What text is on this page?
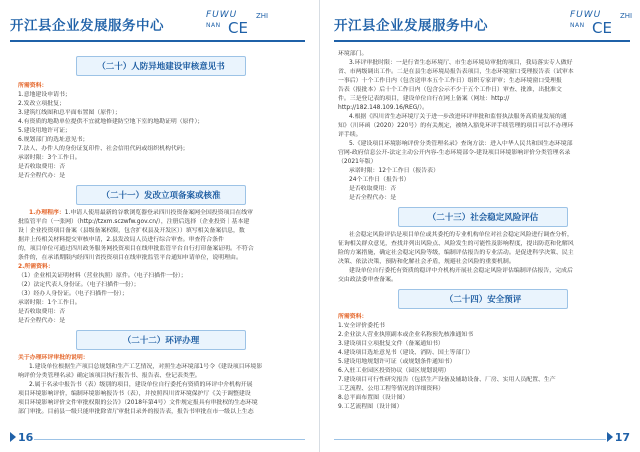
开江县企业发展服务中心
FUWU
NAN CE
ZHI
（二十）人防异地建设审核意见书

所需资料：

1.意地建设申请书；

2.发改立项批复；

3.建筑红线图和总平面布置图（原件）；

4.有资质的地勘单位提供不宜就地修建防空地下室的地勘证明（原件）；

5.建设用地许可证；

6.规划部门的选址意见书；

7.法人、办件人的身份证复印件、社会信用代码或组织机构代码；

承诺时限：3个工作日。

是否收取费用：否

是否全程代办：是

（二十一）发改立项备案或核准

1.办理程序：1.申请人使用最新的谷歌浏览器登录四川投资备案网全国投资项目在线审

批监管平台（一张网）（http://tzxm.sczwfw.gov.cn/），注册后选择（企业投资｜基本建

设｜企业投资项目备案（县级备案权限，包含扩权县及开发区））填写相关备案信息，数

据并上传相关材料提交审核申请，2.县发改局人员进行综合审查。审查符合条件

的，项目单位可通过四川政务服务网投资项目在线审批监管平台自行打印备案证明。不符合

条件的，在承诺期限内经四川省投资项目在线审批监管平台通知申请单位，说明理由。

2.所需资料：

（1）企业相关证明材料（营业执照）原件。（电子扫描件一份）；

（2）法定代表人身份证。（电子扫描件一份）；

（3）经办人身份证。（电子扫描件一份）；

承诺时限：1个工作日。

是否收取费用：否

是否全程代办：是

（二十二）环评办理

关于办理环评审批的说明：

1.建设单位根据生产项目总规划和生产工艺情况，对照生态环境部1号令《建设项目环境影

响评价分类管理名录》确定该项目执行报告书、报告表、登记表类型。

2.属于名录中报告书（表）级别的项目，建设单位自行委托有资质的环评中介机构开展

项目环境影响评价，编制环境影响报告书（表），并按照四川省环境保护厅《关于调整建设

项目环境影响评价文件审批权限的公告》（2018年第4号）文件规定报具有审批权的生态环境

部门审批。目前县一级只能审批除省厅审批目录外的报告表，报告书审批在市一级以上生态

16
开江县企业发展服务中心
FUWU
NAN CE
ZHI

环境部门。

3.环评审批时限：一是行省生态环境厅、市生态环境局审批的项目，我局落实专人做好

省、市两级调出工作。二是在县生态环境局报告表项目，生态环境窗口受理报告表（试审本

一事后）十个工作日内（包含送审本五个工作日）组织专家评审；生态环境窗口受理报

告表（报批本）后十个工作日内（包含公示不少于五个工作日）审查、批准，出批准文

件。三是登记表的项目，建设单位自行在网上备案（网址：http://

http://182.148.109.16/REG/）。

4.根据《四川省生态环境厅关于进一步改进环评审批和监督执法服务高质量发展的通

知》（川环函（2020）220号）的有关规定，被纳入豁免环评手续管理的项目可以不办理环

评手续。

5.《建设项目环境影响评价分类管理名录》查询方法：进入中华人民共和国生态环境部

官网-政府信息公开-法定主动公开内容-生态环境部令-建设项目环境影响评价分类管理名录

（2021年版）

承诺时限：12个工作日（报告表）

24个工作日（报告书）

是否收取费用：否

是否全程代办：是

（二十三）社会稳定风险评估

社会稳定风险评估是项目单位或其委托的专业机构单位对社会稳定风险进行调查分析，

征询相关群众意见，查找并列出风险点、风险发生的可能性及影响程度，提出防范和化解风

险的方案措施，确定社会稳定风险等级，编制评估报告的专业活动。是促进科学决策、民主

决策、依法决策，预防和化解社会矛盾，规避社会风险的重要机制。

建设单位自行委托有资质的稳评中介机构开展社会稳定风险评估编制评估报告，完成后

交由政法委审查备案。

（二十四）安全预评

所需资料：

1.安全评价委托书

2.企业法人营业执照副本或企业名称预先核准通知书

3.建设项目立项批复文件（备案通知书）

4.建设项目选址意见书（建设、消防、国土等部门）

5.建设用地规划许可证（或规划条件通知书）

6.入驻工业园区投资协议（园区规划说明）

7.建设项目可行性研究报告（包括生产设备及辅助设备、厂房、实用人员配置、生产

工艺流程、公用工程等情况的详细资料）

8.总平面布置图（设计图）

9.工艺流程图（设计图）

17
